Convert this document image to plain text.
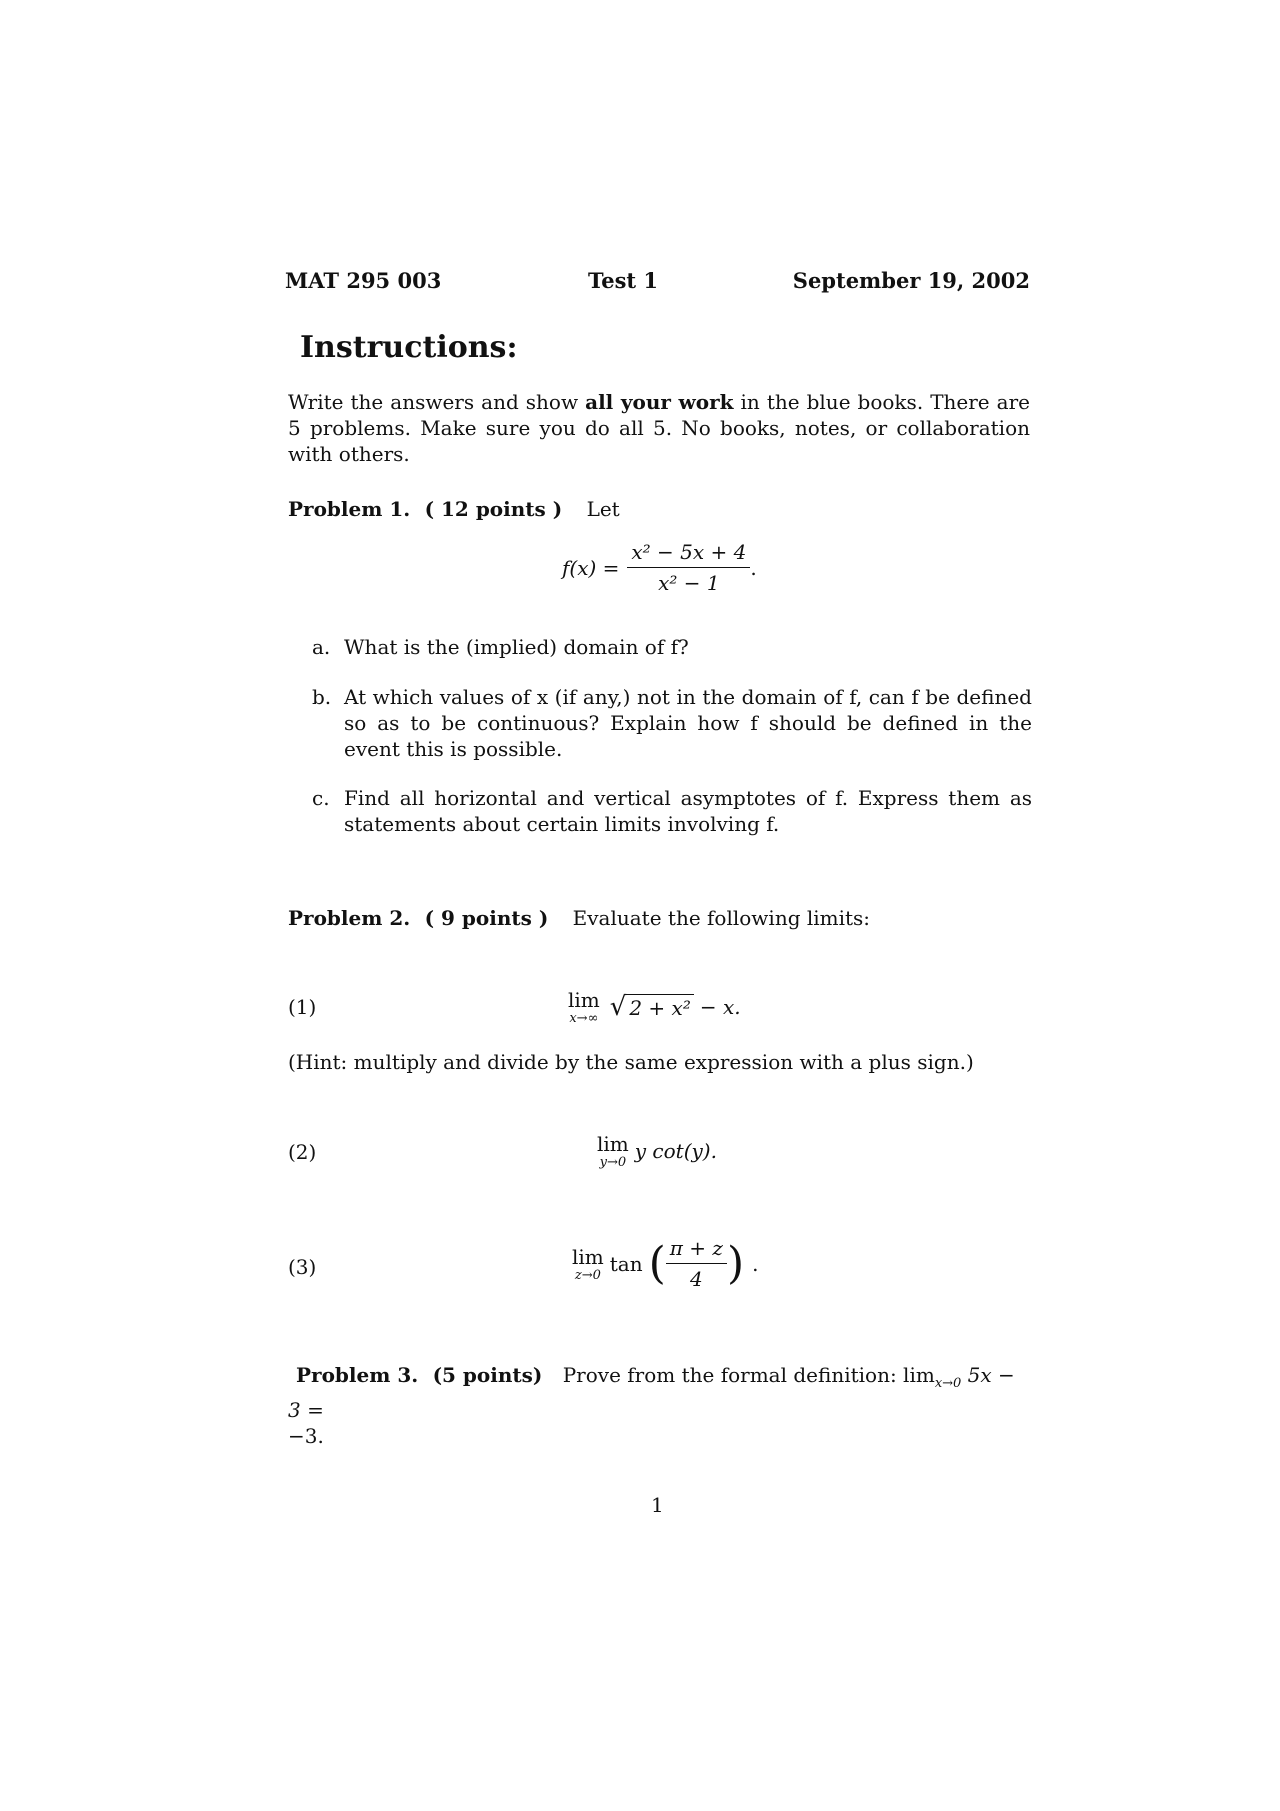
MAT 295 003	Test 1	September 19, 2002
Instructions:
Write the answers and show all your work in the blue books. There are 5 problems. Make sure you do all 5. No books, notes, or collaboration with others.
Problem 1. ( 12 points ) Let
$f(x) = \frac{\text{x² − 5x + 4}}{\text{x² − 1}}$ .
a. What is the (implied) domain of f?
b. At which values of x (if any,) not in the domain of f, can f be defined so as to be continuous? Explain how f should be defined in the event this is possible.
c. Find all horizontal and vertical asymptotes of f. Express them as statements about certain limits involving f.
Problem 2. ( 9 points ) Evaluate the following limits:
(1)	lim
x→∞ √ 2 + x² − x.
(Hint: multiply and divide by the same expression with a plus sign.)
(2)	lim
y→0 y cot(y).
(3)	lim
z→0 tan ( $\frac{\pi + z}{4}$ ) .
Problem 3. (5 points) Prove from the formal definition: $\lim_{x\to 0} 5x - 3$ =
−3.
1
